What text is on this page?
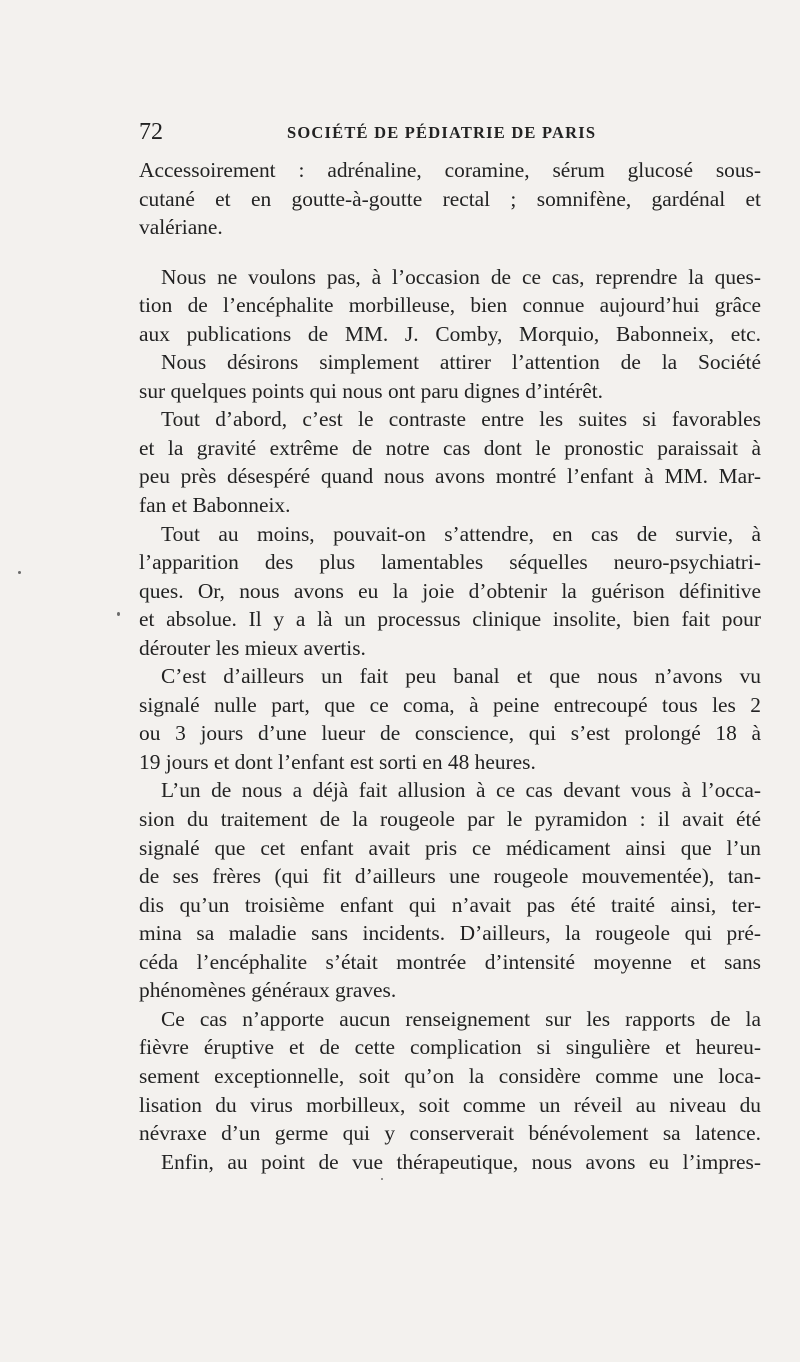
72	SOCIÉTÉ DE PÉDIATRIE DE PARIS
Accessoirement : adrénaline, coramine, sérum glucosé sous-
cutané et en goutte-à-goutte rectal ; somnifène, gardénal et
valériane.
Nous ne voulons pas, à l’occasion de ce cas, reprendre la ques-
tion de l’encéphalite morbilleuse, bien connue aujourd’hui grâce
aux publications de MM. J. Comby, Morquio, Babonneix, etc.
Nous désirons simplement attirer l’attention de la Société
sur quelques points qui nous ont paru dignes d’intérêt.
Tout d’abord, c’est le contraste entre les suites si favorables
et la gravité extrême de notre cas dont le pronostic paraissait à
peu près désespéré quand nous avons montré l’enfant à MM. Mar-
fan et Babonneix.
Tout au moins, pouvait-on s’attendre, en cas de survie, à
l’apparition des plus lamentables séquelles neuro-psychiatri-
ques. Or, nous avons eu la joie d’obtenir la guérison définitive
et absolue. Il y a là un processus clinique insolite, bien fait pour
dérouter les mieux avertis.
C’est d’ailleurs un fait peu banal et que nous n’avons vu
signalé nulle part, que ce coma, à peine entrecoupé tous les 2
ou 3 jours d’une lueur de conscience, qui s’est prolongé 18 à
19 jours et dont l’enfant est sorti en 48 heures.
L’un de nous a déjà fait allusion à ce cas devant vous à l’occa-
sion du traitement de la rougeole par le pyramidon : il avait été
signalé que cet enfant avait pris ce médicament ainsi que l’un
de ses frères (qui fit d’ailleurs une rougeole mouvementée), tan-
dis qu’un troisième enfant qui n’avait pas été traité ainsi, ter-
mina sa maladie sans incidents. D’ailleurs, la rougeole qui pré-
céda l’encéphalite s’était montrée d’intensité moyenne et sans
phénomènes généraux graves.
Ce cas n’apporte aucun renseignement sur les rapports de la
fièvre éruptive et de cette complication si singulière et heureu-
sement exceptionnelle, soit qu’on la considère comme une loca-
lisation du virus morbilleux, soit comme un réveil au niveau du
névraxe d’un germe qui y conserverait bénévolement sa latence.
Enfin, au point de vue thérapeutique, nous avons eu l’impres-
